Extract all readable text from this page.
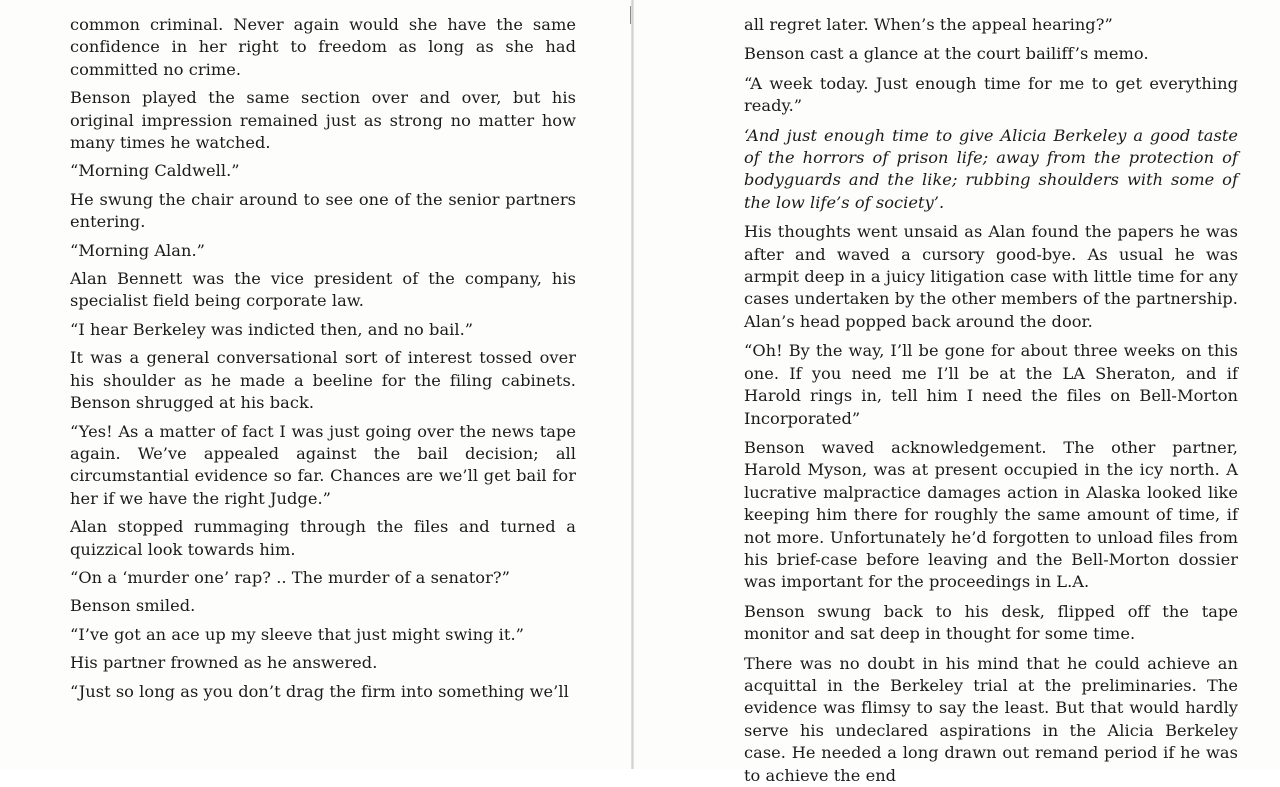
common criminal. Never again would she have the same confidence in her right to freedom as long as she had committed no crime.

Benson played the same section over and over, but his original impression remained just as strong no matter how many times he watched.

“Morning Caldwell.”

He swung the chair around to see one of the senior partners entering.

“Morning Alan.”

Alan Bennett was the vice president of the company, his specialist field being corporate law.

“I hear Berkeley was indicted then, and no bail.”

It was a general conversational sort of interest tossed over his shoulder as he made a beeline for the filing cabinets. Benson shrugged at his back.

“Yes! As a matter of fact I was just going over the news tape again. We’ve appealed against the bail decision; all circumstantial evidence so far. Chances are we’ll get bail for her if we have the right Judge.”

Alan stopped rummaging through the files and turned a quizzical look towards him.

“On a ‘murder one’ rap? .. The murder of a senator?”

Benson smiled.

“I’ve got an ace up my sleeve that just might swing it.”

His partner frowned as he answered.

“Just so long as you don’t drag the firm into something we’ll

all regret later. When’s the appeal hearing?”

Benson cast a glance at the court bailiff’s memo.

“A week today. Just enough time for me to get everything ready.”

‘And just enough time to give Alicia Berkeley a good taste of the horrors of prison life; away from the protection of bodyguards and the like; rubbing shoulders with some of the low life’s of society’.

His thoughts went unsaid as Alan found the papers he was after and waved a cursory good-bye. As usual he was armpit deep in a juicy litigation case with little time for any cases undertaken by the other members of the partnership. Alan’s head popped back around the door.

“Oh! By the way, I’ll be gone for about three weeks on this one. If you need me I’ll be at the LA Sheraton, and if Harold rings in, tell him I need the files on Bell-Morton Incorporated”

Benson waved acknowledgement. The other partner, Harold Myson, was at present occupied in the icy north. A lucrative malpractice damages action in Alaska looked like keeping him there for roughly the same amount of time, if not more. Unfortunately he’d forgotten to unload files from his brief-case before leaving and the Bell-Morton dossier was important for the proceedings in L.A.

Benson swung back to his desk, flipped off the tape monitor and sat deep in thought for some time.

There was no doubt in his mind that he could achieve an acquittal in the Berkeley trial at the preliminaries. The evidence was flimsy to say the least. But that would hardly serve his undeclared aspirations in the Alicia Berkeley case. He needed a long drawn out remand period if he was to achieve the end
